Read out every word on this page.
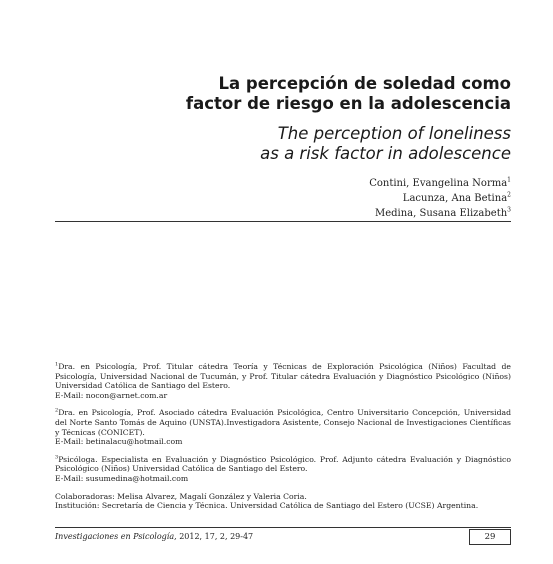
La percepción de soledad como
factor de riesgo en la adolescencia
The perception of loneliness
as a risk factor in adolescence
Contini, Evangelina Norma$^1$
Lacunza, Ana Betina$^2$
Medina, Susana Elizabeth$^3$
$^1$Dra. en Psicología, Prof. Titular cátedra Teoría y Técnicas de Exploración Psicológica (Niños) Facultad de Psicología, Universidad Nacional de Tucumán, y Prof. Titular cátedra Evaluación y Diagnóstico Psicológico (Niños) Universidad Católica de Santiago del Estero.
E-Mail: nocon@arnet.com.ar
$^2$Dra. en Psicología, Prof. Asociado cátedra Evaluación Psicológica, Centro Universitario Concepción, Universidad del Norte Santo Tomás de Aquino (UNSTA).Investigadora Asistente, Consejo Nacional de Investigaciones Científicas y Técnicas (CONICET).
E-Mail: betinalacu@hotmail.com
$^3$Psicóloga. Especialista en Evaluación y Diagnóstico Psicológico. Prof. Adjunto cátedra Evaluación y Diagnóstico Psicológico (Niños) Universidad Católica de Santiago del Estero.
E-Mail: susumedina@hotmail.com
Colaboradoras: Melisa Alvarez, Magalí González y Valeria Coria.
Institución: Secretaría de Ciencia y Técnica. Universidad Católica de Santiago del Estero (UCSE) Argentina.
Investigaciones en Psicología, 2012, 17, 2, 29-47	29
